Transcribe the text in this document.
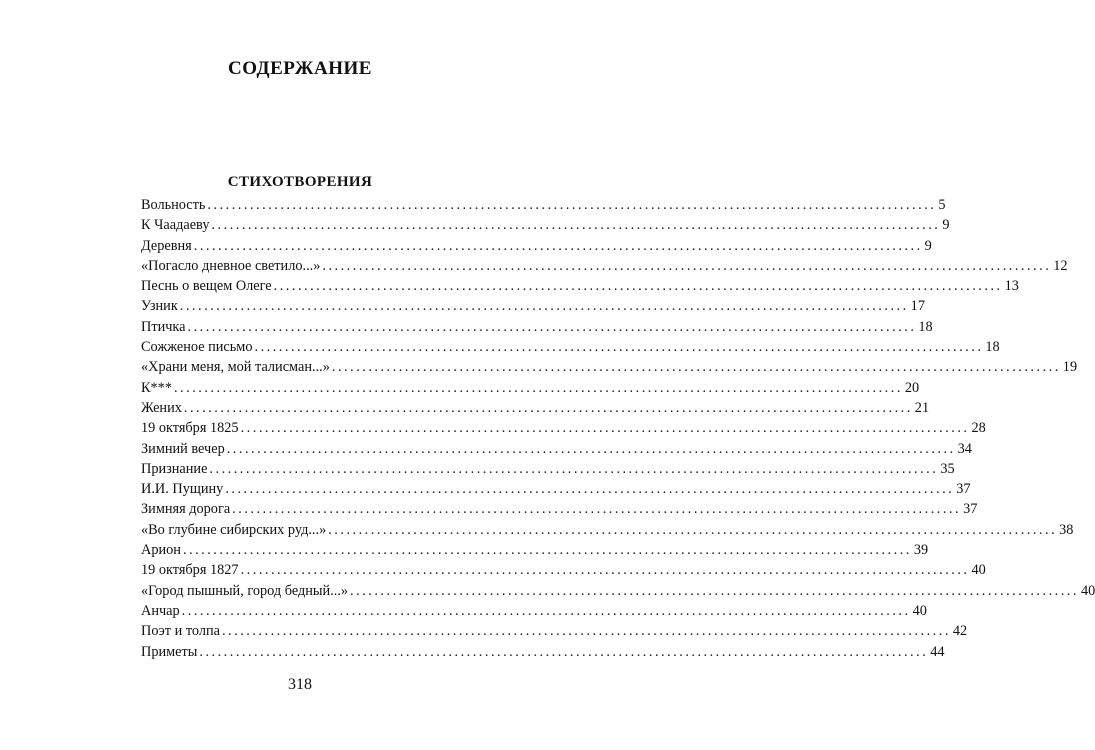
СОДЕРЖАНИЕ
СТИХОТВОРЕНИЯ
Вольность ........................................................................................................................ 5
К Чаадаеву ........................................................................................................................ 9
Деревня ........................................................................................................................ 9
«Погасло дневное светило...» ........................................................................................................................ 12
Песнь о вещем Олеге ........................................................................................................................ 13
Узник ........................................................................................................................ 17
Птичка ........................................................................................................................ 18
Сожженое письмо ........................................................................................................................ 18
«Храни меня, мой талисман...» ........................................................................................................................ 19
К*** ........................................................................................................................ 20
Жених ........................................................................................................................ 21
19 октября 1825 ........................................................................................................................ 28
Зимний вечер ........................................................................................................................ 34
Признание ........................................................................................................................ 35
И.И. Пущину ........................................................................................................................ 37
Зимняя дорога ........................................................................................................................ 37
«Во глубине сибирских руд...» ........................................................................................................................ 38
Арион ........................................................................................................................ 39
19 октября 1827 ........................................................................................................................ 40
«Город пышный, город бедный...» ........................................................................................................................ 40
Анчар ........................................................................................................................ 40
Поэт и толпа ........................................................................................................................ 42
Приметы ........................................................................................................................ 44
318
